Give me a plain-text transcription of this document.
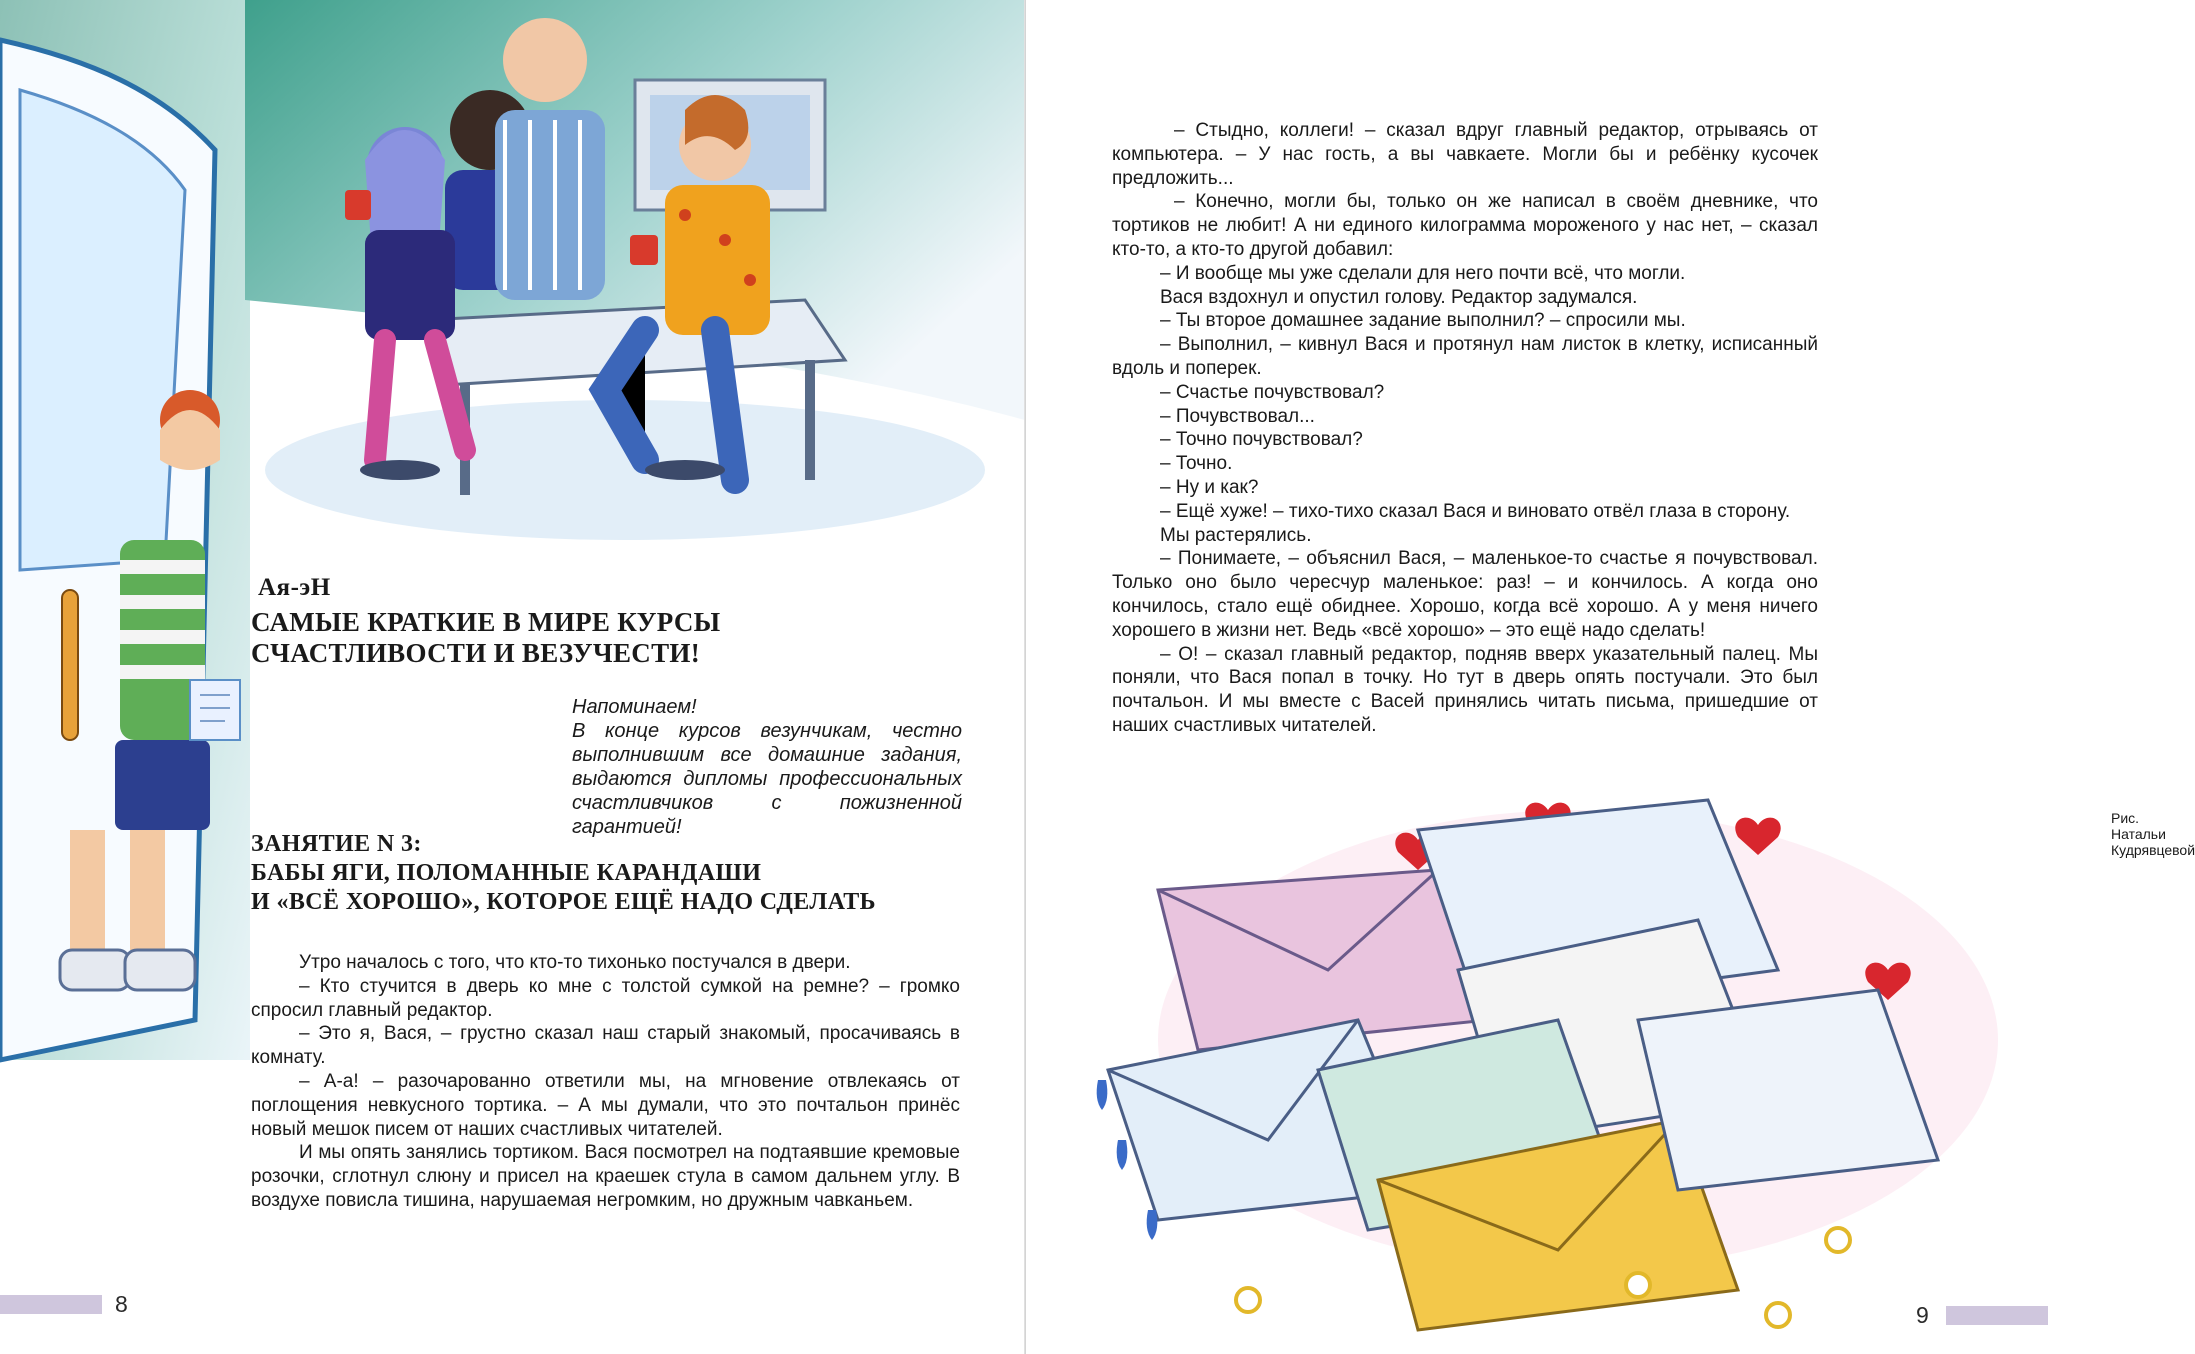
Ая-эН
САМЫЕ КРАТКИЕ В МИРЕ КУРСЫ
СЧАСТЛИВОСТИ И ВЕЗУЧЕСТИ!
Напоминаем!
В конце курсов везунчикам, честно выполнившим все домашние задания, выдаются дипломы профессиональных счастливчиков с пожизненной гарантией!
ЗАНЯТИЕ N 3:
БАБЫ ЯГИ, ПОЛОМАННЫЕ КАРАНДАШИ
И «ВСЁ ХОРОШО», КОТОРОЕ ЕЩЁ НАДО СДЕЛАТЬ

Утро началось с того, что кто-то тихонько постучался в двери.

– Кто стучится в дверь ко мне с толстой сумкой на ремне? – громко спросил главный редактор.

– Это я, Вася, – грустно сказал наш старый знакомый, просачиваясь в комнату.

– А-а! – разочарованно ответили мы, на мгновение отвлекаясь от поглощения невкусного тортика. – А мы думали, что это почтальон принёс новый мешок писем от наших счастливых читателей.

И мы опять занялись тортиком. Вася посмотрел на подтаявшие кремовые розочки, сглотнул слюну и присел на краешек стула в самом дальнем углу. В воздухе повисла тишина, нарушаемая негромким, но дружным чавканьем.

8

– Стыдно, коллеги! – сказал вдруг главный редактор, отрываясь от компьютера. – У нас гость, а вы чавкаете. Могли бы и ребёнку кусочек предложить...

– Конечно, могли бы, только он же написал в своём дневнике, что тортиков не любит! А ни единого килограмма мороженого у нас нет, – сказал кто-то, а кто-то другой добавил:

– И вообще мы уже сделали для него почти всё, что могли.

Вася вздохнул и опустил голову. Редактор задумался.

– Ты второе домашнее задание выполнил? – спросили мы.

– Выполнил, – кивнул Вася и протянул нам листок в клетку, исписанный вдоль и поперек.

– Счастье почувствовал?

– Почувствовал...

– Точно почувствовал?

– Точно.

– Ну и как?

– Ещё хуже! – тихо-тихо сказал Вася и виновато отвёл глаза в сторону.

Мы растерялись.

– Понимаете, – объяснил Вася, – маленькое-то счастье я почувствовал. Только оно было чересчур маленькое: раз! – и кончилось. А когда оно кончилось, стало ещё обиднее. Хорошо, когда всё хорошо. А у меня ничего хорошего в жизни нет. Ведь «всё хорошо» – это ещё надо сделать!

– О! – сказал главный редактор, подняв вверх указательный палец. Мы поняли, что Вася попал в точку. Но тут в дверь опять постучали. Это был почтальон. И мы вместе с Васей принялись читать письма, пришедшие от наших счастливых читателей.

Рис. Натальи Кудрявцевой
9
